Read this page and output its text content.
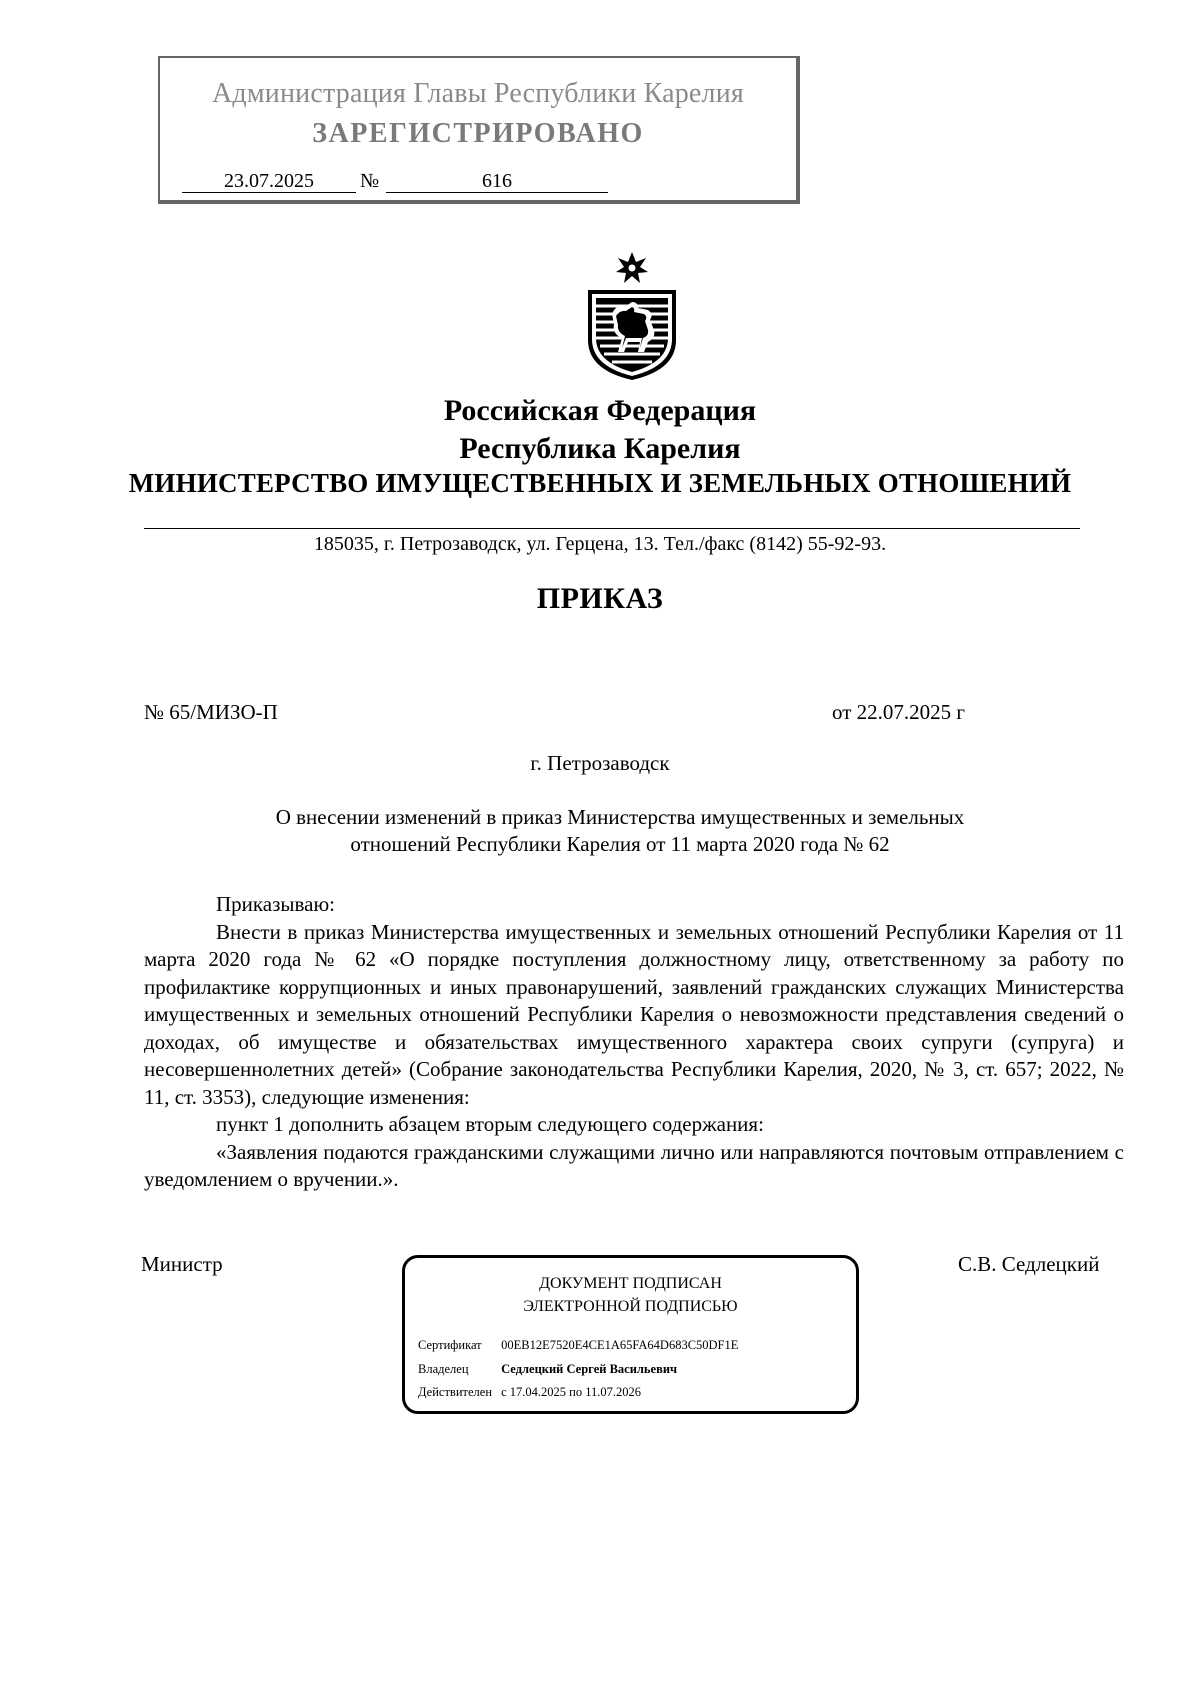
Администрация Главы Республики Карелия
ЗАРЕГИСТРИРОВАНО
23.07.2025	№	616
Российская Федерация
Республика Карелия
МИНИСТЕРСТВО ИМУЩЕСТВЕННЫХ И ЗЕМЕЛЬНЫХ ОТНОШЕНИЙ
185035, г. Петрозаводск, ул. Герцена, 13. Тел./факс (8142) 55-92-93.
ПРИКАЗ
№ 65/МИЗО-П	от 22.07.2025 г
г. Петрозаводск
О внесении изменений в приказ Министерства имущественных и земельных
отношений Республики Карелия от 11 марта 2020 года № 62

Приказываю:

Внести в приказ Министерства имущественных и земельных отношений Республики Карелия от 11 марта 2020 года № 62 «О порядке поступления должностному лицу, ответственному за работу по профилактике коррупционных и иных правонарушений, заявлений гражданских служащих Министерства имущественных и земельных отношений Республики Карелия о невозможности представления сведений о доходах, об имуществе и обязательствах имущественного характера своих супруги (супруга) и несовершеннолетних детей» (Собрание законодательства Республики Карелия, 2020, № 3, ст. 657; 2022, № 11, ст. 3353), следующие изменения:

пункт 1 дополнить абзацем вторым следующего содержания:

«Заявления подаются гражданскими служащими лично или направляются почтовым отправлением с уведомлением о вручении.».

Министр	С.В. Седлецкий
ДОКУМЕНТ ПОДПИСАН
ЭЛЕКТРОННОЙ ПОДПИСЬЮ
Сертификат 00EB12E7520E4CE1A65FA64D683C50DF1E
Владелец	Седлецкий Сергей Васильевич
Действителен с 17.04.2025 по 11.07.2026
